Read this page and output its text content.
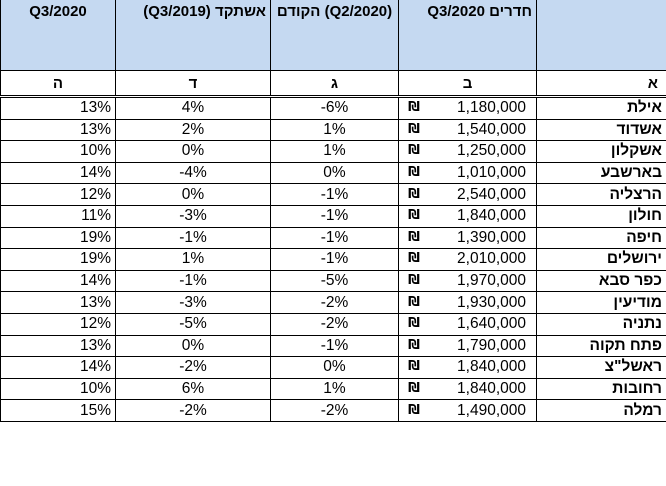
Q3/2020	(Q3/2019) אשתקד	הקודם (Q2/2020)	Q3/2020 חדרים	
ה	ד	ג	ב	א
13%	4%	-6%	₪ 1,180,000	אילת
13%	2%	1%	₪ 1,540,000	אשדוד
10%	0%	1%	₪ 1,250,000	אשקלון
14%	-4%	0%	₪ 1,010,000	בארשבע
12%	0%	-1%	₪ 2,540,000	הרצליה
11%	-3%	-1%	₪ 1,840,000	חולון
19%	-1%	-1%	₪ 1,390,000	חיפה
19%	1%	-1%	₪ 2,010,000	ירושלים
14%	-1%	-5%	₪ 1,970,000	כפר סבא
13%	-3%	-2%	₪ 1,930,000	מודיעין
12%	-5%	-2%	₪ 1,640,000	נתניה
13%	0%	-1%	₪ 1,790,000	פתח תקוה
14%	-2%	0%	₪ 1,840,000	ראשל"צ
10%	6%	1%	₪ 1,840,000	רחובות
15%	-2%	-2%	₪ 1,490,000	רמלה
